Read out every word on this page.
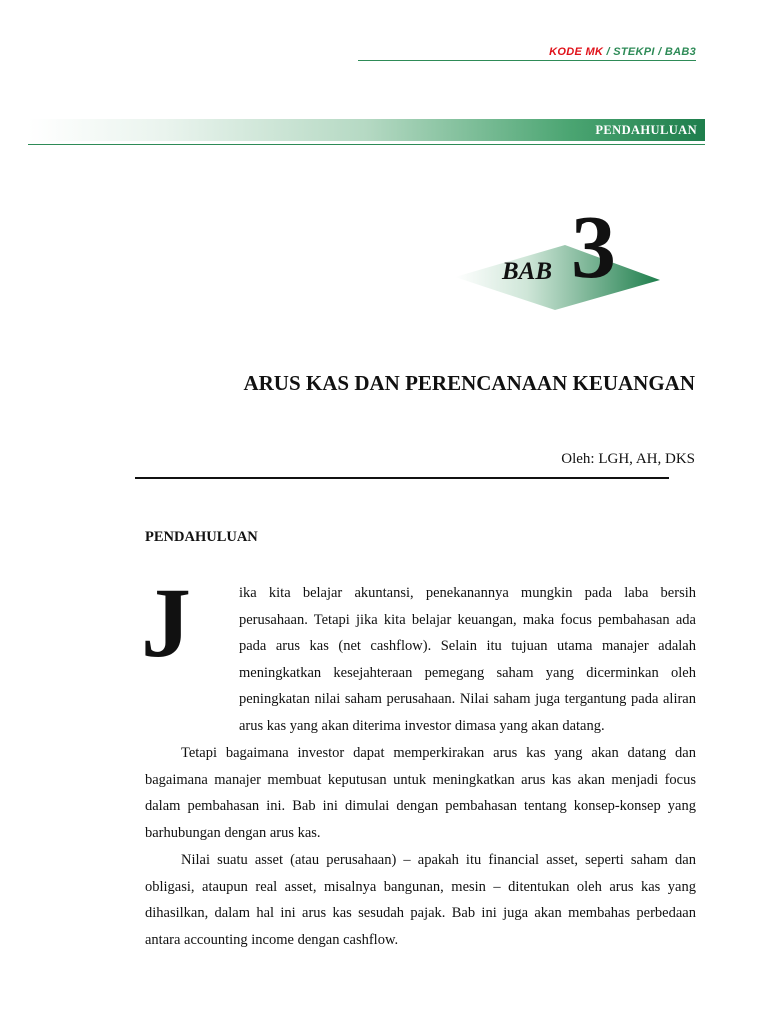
KODE MK / STEKPI / BAB3
PENDAHULUAN
BAB 3
ARUS KAS DAN PERENCANAAN KEUANGAN
Oleh: LGH, AH, DKS
PENDAHULUAN
J	ika kita belajar akuntansi, penekanannya mungkin pada laba bersih perusahaan. Tetapi jika kita belajar keuangan, maka focus pembahasan ada pada arus kas (net cashflow). Selain itu tujuan utama manajer adalah meningkatkan kesejahteraan pemegang saham yang dicerminkan oleh peningkatan nilai saham perusahaan. Nilai saham juga tergantung pada aliran arus kas yang akan diterima investor dimasa yang akan datang.
Tetapi bagaimana investor dapat memperkirakan arus kas yang akan datang dan bagaimana manajer membuat keputusan untuk meningkatkan arus kas akan menjadi focus dalam pembahasan ini. Bab ini dimulai dengan pembahasan tentang konsep-konsep yang barhubungan dengan arus kas.
Nilai suatu asset (atau perusahaan) – apakah itu financial asset, seperti saham dan obligasi, ataupun real asset, misalnya bangunan, mesin – ditentukan oleh arus kas yang dihasilkan, dalam hal ini arus kas sesudah pajak. Bab ini juga akan membahas perbedaan antara accounting income dengan cashflow.
